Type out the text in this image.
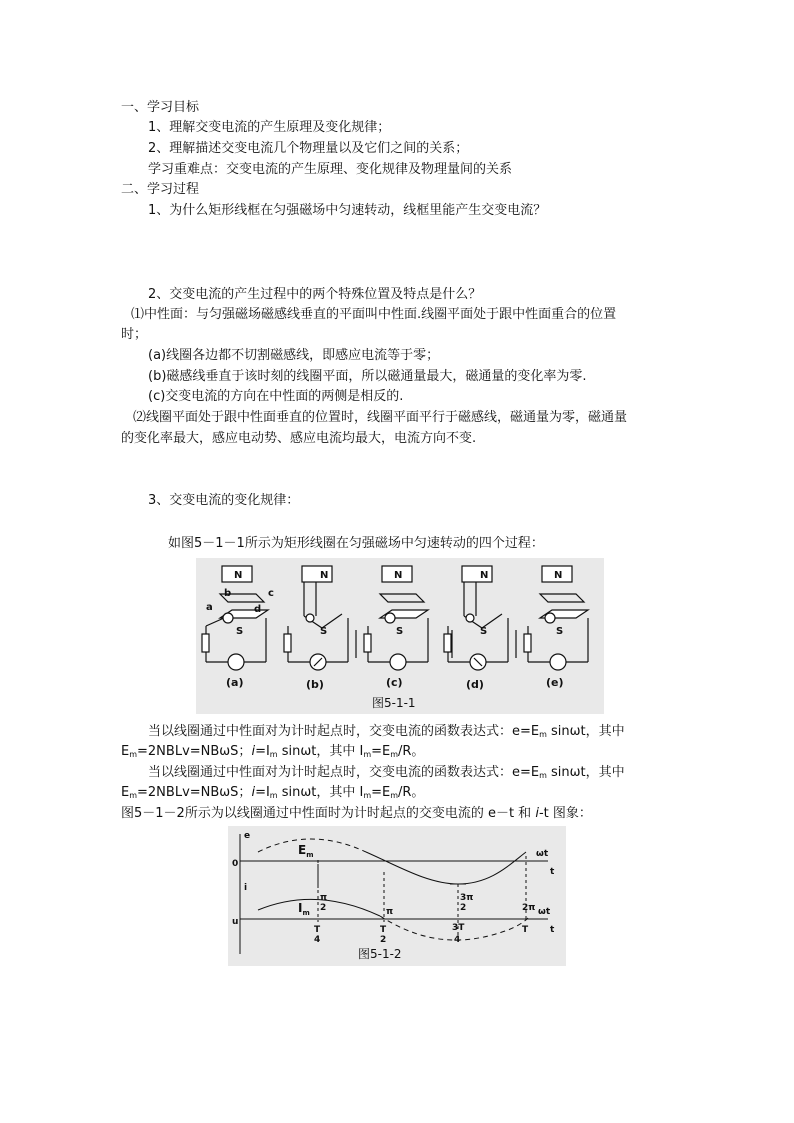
一、学习目标
1、理解交变电流的产生原理及变化规律；
2、理解描述交变电流几个物理量以及它们之间的关系；
学习重难点：交变电流的产生原理、变化规律及物理量间的关系
二、学习过程
1、为什么矩形线框在匀强磁场中匀速转动，线框里能产生交变电流？
2、交变电流的产生过程中的两个特殊位置及特点是什么？
⑴中性面：与匀强磁场磁感线垂直的平面叫中性面.线圈平面处于跟中性面重合的位置
时；
(a)线圈各边都不切割磁感线，即感应电流等于零；
(b)磁感线垂直于该时刻的线圈平面，所以磁通量最大，磁通量的变化率为零.
(c)交变电流的方向在中性面的两侧是相反的.
⑵线圈平面处于跟中性面垂直的位置时，线圈平面平行于磁感线，磁通量为零，磁通量
的变化率最大，感应电动势、感应电流均最大，电流方向不变.
3、交变电流的变化规律：
如图5－1－1所示为矩形线圈在匀强磁场中匀速转动的四个过程：
N
S
N
S
N
S
N
S
N
S
a
b	c
d
(a)	(b)	(c)	(d)	(e)
图5-1-1
当以线圈通过中性面对为计时起点时，交变电流的函数表达式：$e=E_m$ sinωt，其中
$E_m=2NBLv=NB\omega S$；$i=I_m$ sinωt，其中 $I_m=E_m/R$。
当以线圈通过中性面对为计时起点时，交变电流的函数表达式：$e=E_m$ sinωt，其中
$E_m=2NBLv=NB\omega S$；$i=I_m$ sinωt，其中 $I_m=E_m/R$。
图5－1－2所示为以线圈通过中性面时为计时起点的交变电流的 e－t 和 i-t 图象：
e
0
i
u
ωt
t
ωt
t
$E_m$
$I_m$
π
2	π
3π
2	2π
T
4
T
2
3T
4
T
图5-1-2
